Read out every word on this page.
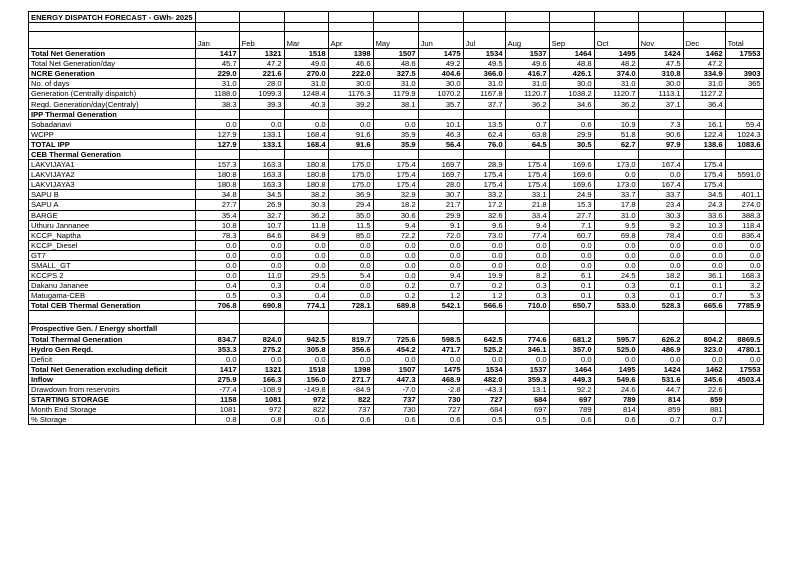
ENERGY DISPATCH FORECAST - GWh- 2025													

	Jan	Feb	Mar	Apr	May	Jun	Jul	Aug	Sep	Oct	Nov	Dec	Total
Total Net Generation	1417	1321	1518	1398	1507	1475	1534	1537	1464	1495	1424	1462	17553
Total Net Generation/day	45.7	47.2	49.0	46.6	48.6	49.2	49.5	49.6	48.8	48.2	47.5	47.2	
NCRE Generation	229.0	221.6	270.0	222.0	327.5	404.6	366.0	416.7	426.1	374.0	310.8	334.9	3903
No. of days	31.0	28.0	31.0	30.0	31.0	30.0	31.0	31.0	30.0	31.0	30.0	31.0	365
Generation (Centrally dispatch)	1188.0	1099.3	1248.4	1176.3	1179.9	1070.2	1167.8	1120.7	1038.2	1120.7	1113.1	1127.2	
Reqd. Generation/day(Centraly)	38.3	39.3	40.3	39.2	38.1	35.7	37.7	36.2	34.6	36.2	37.1	36.4	
IPP Thermal Generation													
Sobadanavi	0.0	0.0	0.0	0.0	0.0	10.1	13.5	0.7	0.6	10.9	7.3	16.1	59.4
WCPP	127.9	133.1	168.4	91.6	35.9	46.3	62.4	63.8	29.9	51.8	90.6	122.4	1024.3
TOTAL IPP	127.9	133.1	168.4	91.6	35.9	56.4	76.0	64.5	30.5	62.7	97.9	138.6	1083.6
CEB Thermal Generation													
LAKVIJAYA1	157.3	163.3	180.8	175.0	175.4	169.7	28.9	175.4	169.6	173.0	167.4	175.4	
LAKVIJAYA2	180.8	163.3	180.8	175.0	175.4	169.7	175.4	175.4	169.6	0.0	0.0	175.4	5591.0
LAKVIJAYA3	180.8	163.3	180.8	175.0	175.4	28.0	175.4	175.4	169.6	173.0	167.4	175.4	
SAPU B	34.8	34.5	38.2	36.9	32.9	30.7	33.2	33.1	24.9	33.7	33.7	34.5	401.1
SAPU A	27.7	26.9	30.3	29.4	18.2	21.7	17.2	21.8	15.3	17.8	23.4	24.3	274.0
BARGE	35.4	32.7	36.2	35.0	30.6	29.9	32.6	33.4	27.7	31.0	30.3	33.6	388.3
Uthuru Jannanee	10.8	10.7	11.8	11.5	9.4	9.1	9.6	9.4	7.1	9.5	9.2	10.3	118.4
KCCP_Naptha	78.3	84.6	84.9	85.0	72.2	72.0	73.0	77.4	60.7	69.8	78.4	0.0	836.4
KCCP_Diesel	0.0	0.0	0.0	0.0	0.0	0.0	0.0	0.0	0.0	0.0	0.0	0.0	0.0
GT7	0.0	0.0	0.0	0.0	0.0	0.0	0.0	0.0	0.0	0.0	0.0	0.0	0.0
SMALL_GT	0.0	0.0	0.0	0.0	0.0	0.0	0.0	0.0	0.0	0.0	0.0	0.0	0.0
KCCPS 2	0.0	11.0	29.5	5.4	0.0	9.4	19.9	8.2	6.1	24.5	18.2	36.1	168.3
Dakanu Jananee	0.4	0.3	0.4	0.0	0.2	0.7	0.2	0.3	0.1	0.3	0.1	0.1	3.2
Matugama-CEB	0.5	0.3	0.4	0.0	0.2	1.2	1.2	0.3	0.1	0.3	0.1	0.7	5.3
Total CEB Thermal Generation	706.8	690.8	774.1	728.1	689.8	542.1	566.6	710.0	650.7	533.0	528.3	665.6	7785.9

Prospective Gen. / Energy shortfall													
Total Thermal Generation	834.7	824.0	942.5	819.7	725.6	598.5	642.5	774.6	681.2	595.7	626.2	804.2	8869.5
Hydro Gen Reqd.	353.3	275.2	305.8	356.6	454.2	471.7	525.2	346.1	357.0	525.0	486.9	323.0	4780.1
Deficit	0.0	0.0	0.0	0.0	0.0	0.0	0.0	0.0	0.0	0.0	0.0	0.0	0.0
Total Net Generation excluding deficit	1417	1321	1518	1398	1507	1475	1534	1537	1464	1495	1424	1462	17553
Inflow	275.9	166.3	156.0	271.7	447.3	468.9	482.0	359.3	449.3	549.6	531.6	345.6	4503.4
Drawdown from reservoirs	-77.4	-108.9	-149.8	-84.9	-7.0	-2.8	-43.3	13.1	92.2	24.6	44.7	22.6	
STARTING STORAGE	1158	1081	972	822	737	730	727	684	697	789	814	859	
Month End Storage	1081	972	822	737	730	727	684	697	789	814	859	881	
% Storage	0.8	0.8	0.6	0.6	0.6	0.6	0.5	0.5	0.6	0.6	0.7	0.7	
